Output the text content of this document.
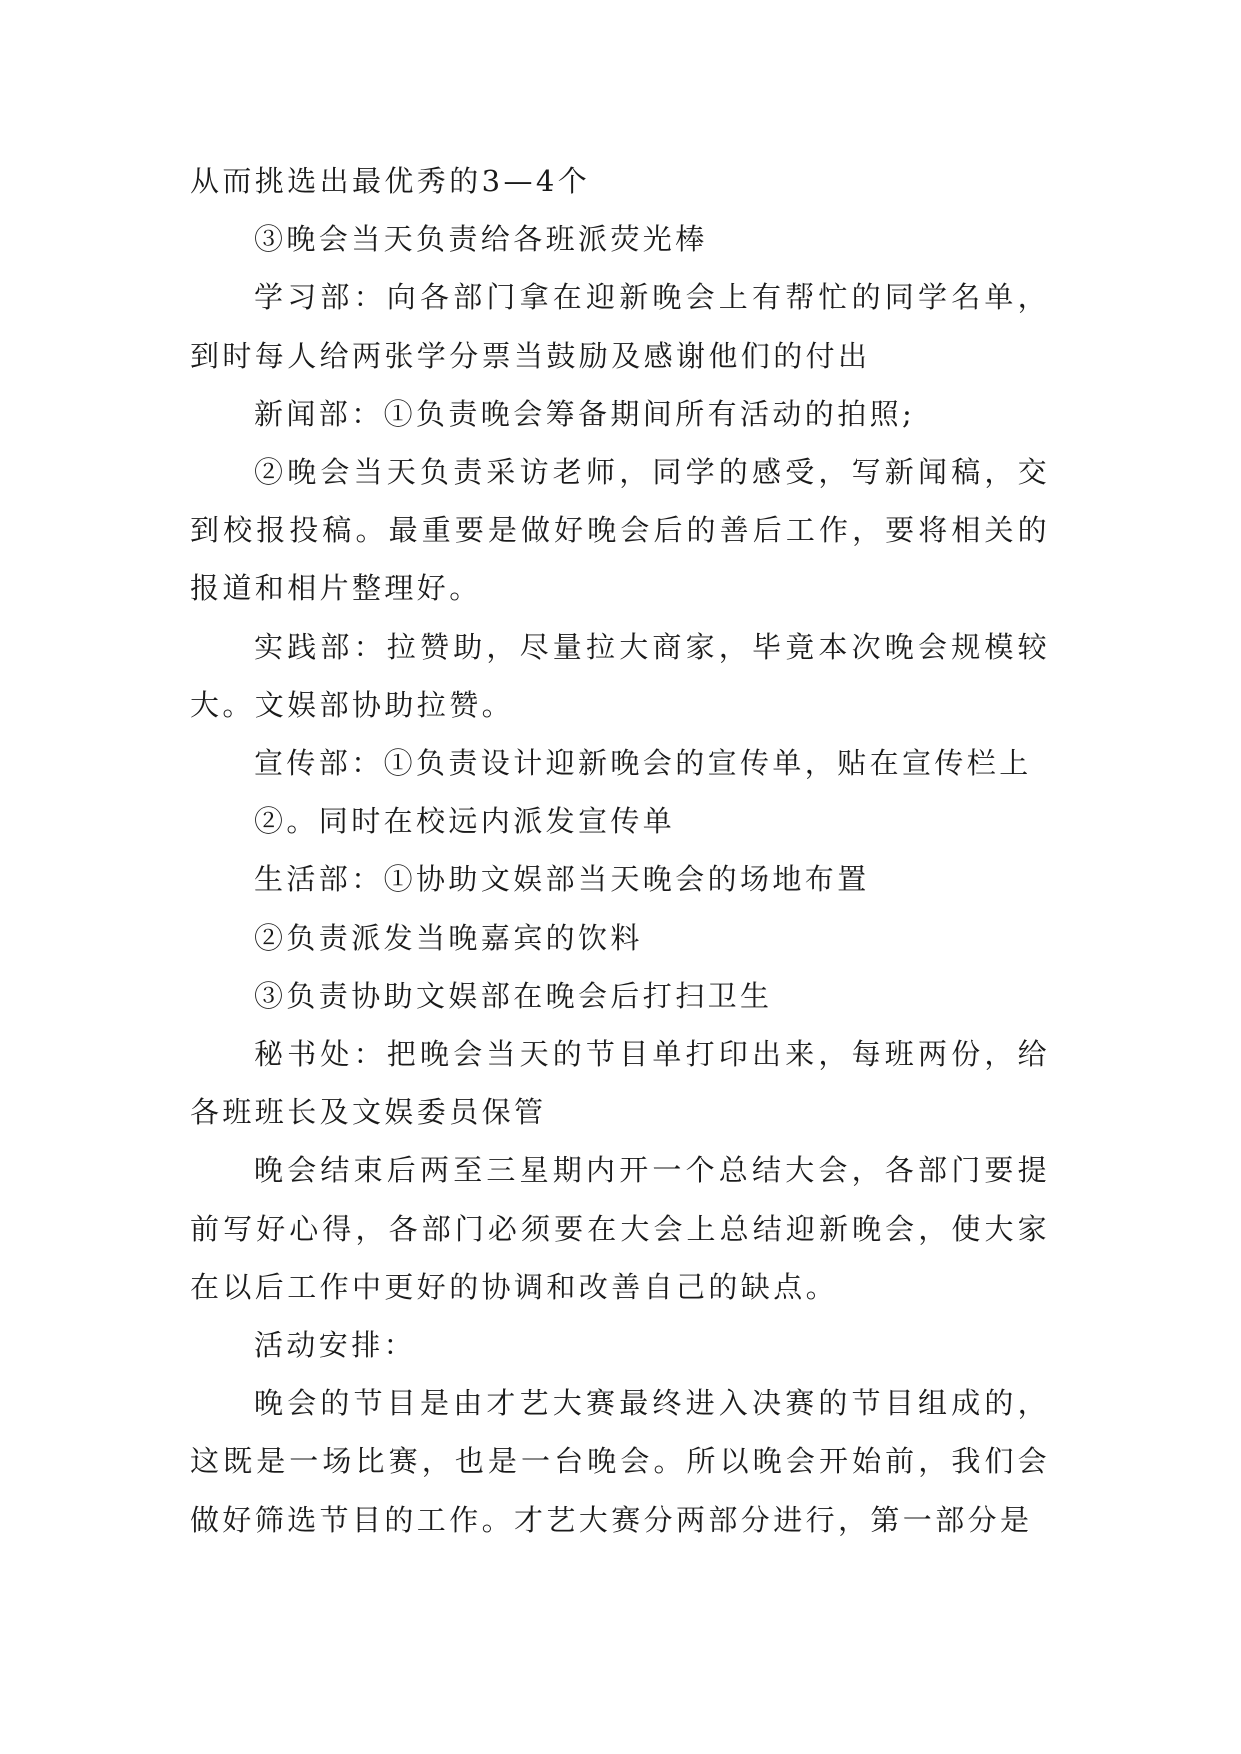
从而挑选出最优秀的3—4个

③晚会当天负责给各班派荧光棒

学习部：向各部门拿在迎新晚会上有帮忙的同学名单，到时每人给两张学分票当鼓励及感谢他们的付出

新闻部：①负责晚会筹备期间所有活动的拍照;

②晚会当天负责采访老师，同学的感受，写新闻稿，交到校报投稿。最重要是做好晚会后的善后工作，要将相关的报道和相片整理好。

实践部：拉赞助，尽量拉大商家，毕竟本次晚会规模较大。文娱部协助拉赞。

宣传部：①负责设计迎新晚会的宣传单，贴在宣传栏上

②。同时在校远内派发宣传单

生活部：①协助文娱部当天晚会的场地布置

②负责派发当晚嘉宾的饮料

③负责协助文娱部在晚会后打扫卫生

秘书处：把晚会当天的节目单打印出来，每班两份，给各班班长及文娱委员保管

晚会结束后两至三星期内开一个总结大会，各部门要提前写好心得，各部门必须要在大会上总结迎新晚会，使大家在以后工作中更好的协调和改善自己的缺点。

活动安排：

晚会的节目是由才艺大赛最终进入决赛的节目组成的，这既是一场比赛，也是一台晚会。所以晚会开始前，我们会做好筛选节目的工作。才艺大赛分两部分进行，第一部分是
